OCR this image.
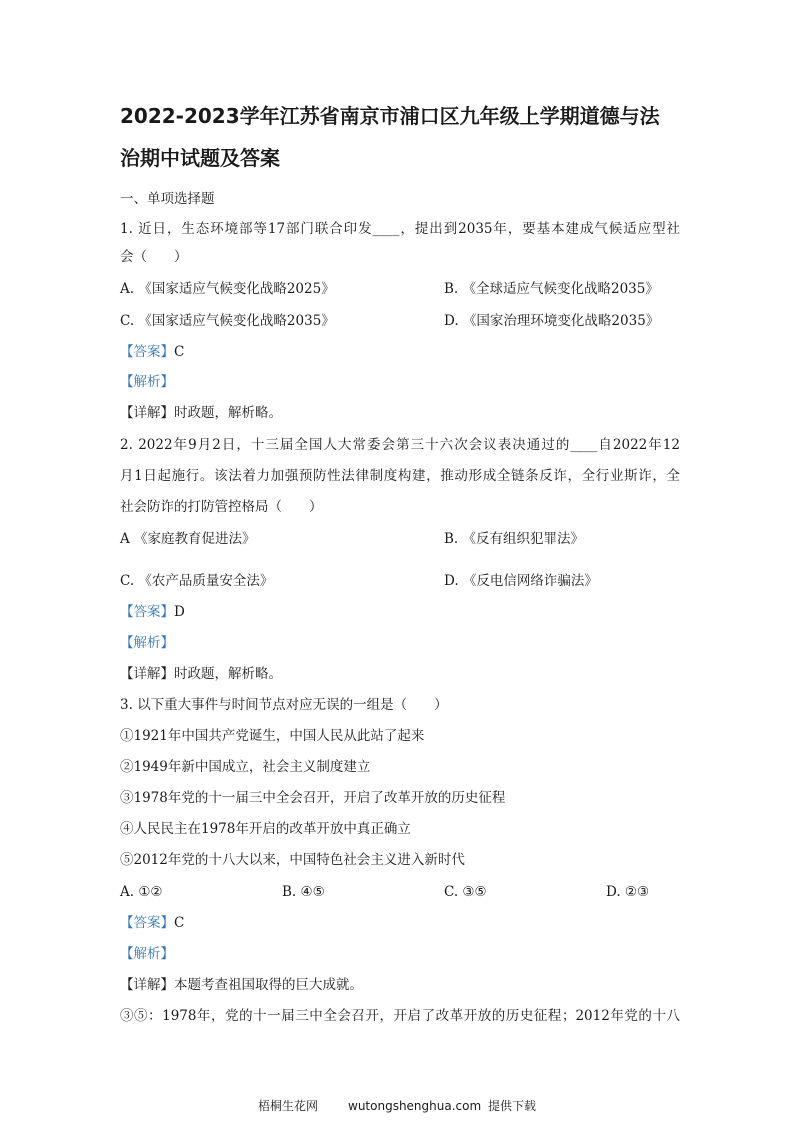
2022-2023学年江苏省南京市浦口区九年级上学期道德与法
治期中试题及答案
一、单项选择题
1. 近日，生态环境部等17部门联合印发____，提出到2035年，要基本建成气候适应型社
会（　　）
A. 《国家适应气候变化战略2025》	B. 《全球适应气候变化战略2035》
C. 《国家适应气候变化战略2035》	D. 《国家治理环境变化战略2035》
【答案】C
【解析】
【详解】时政题，解析略。
2. 2022年9月2日，十三届全国人大常委会第三十六次会议表决通过的____自2022年12
月1日起施行。该法着力加强预防性法律制度构建，推动形成全链条反诈，全行业斯诈，全
社会防诈的打防管控格局（　　）
A 《家庭教育促进法》	B. 《反有组织犯罪法》
C. 《农产品质量安全法》	D. 《反电信网络诈骗法》
【答案】D
【解析】
【详解】时政题，解析略。
3. 以下重大事件与时间节点对应无误的一组是（　　）
①1921年中国共产党诞生，中国人民从此站了起来
②1949年新中国成立，社会主义制度建立
③1978年党的十一届三中全会召开，开启了改革开放的历史征程
④人民民主在1978年开启的改革开放中真正确立
⑤2012年党的十八大以来，中国特色社会主义进入新时代
A. ①②	B. ④⑤	C. ③⑤	D. ②③
【答案】C
【解析】
【详解】本题考查祖国取得的巨大成就。
③⑤：1978年，党的十一届三中全会召开，开启了改革开放的历史征程；2012年党的十八
梧桐生花网 wutongshenghua.com 提供下载
